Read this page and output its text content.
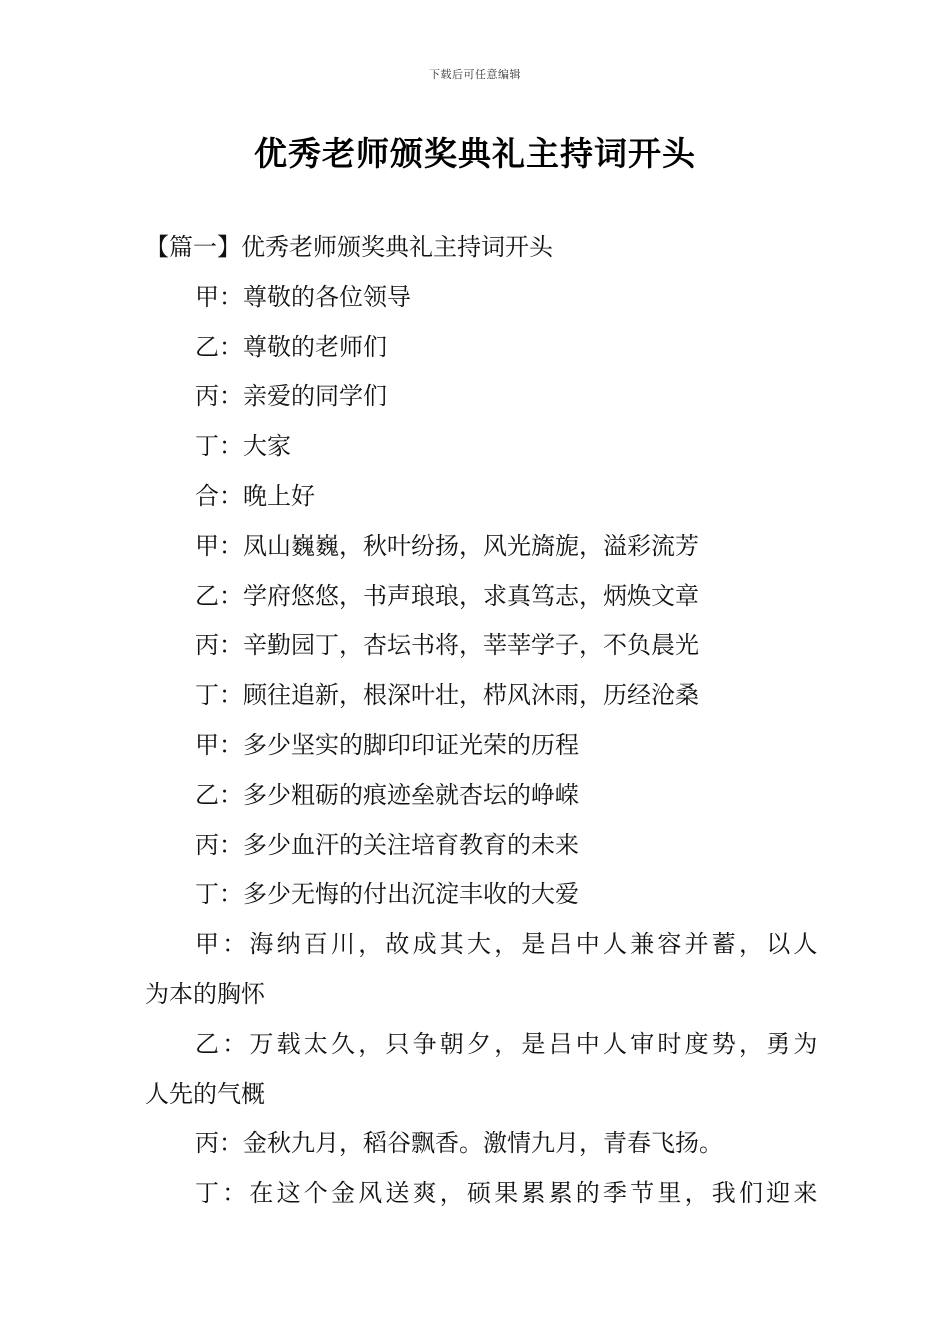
下载后可任意编辑
优秀老师颁奖典礼主持词开头
【篇一】优秀老师颁奖典礼主持词开头
甲：尊敬的各位领导
乙：尊敬的老师们
丙：亲爱的同学们
丁：大家
合：晚上好
甲：凤山巍巍，秋叶纷扬，风光旖旎，溢彩流芳
乙：学府悠悠，书声琅琅，求真笃志，炳焕文章
丙：辛勤园丁，杏坛书将，莘莘学子，不负晨光
丁：顾往追新，根深叶壮，栉风沐雨，历经沧桑
甲：多少坚实的脚印印证光荣的历程
乙：多少粗砺的痕迹垒就杏坛的峥嵘
丙：多少血汗的关注培育教育的未来
丁：多少无悔的付出沉淀丰收的大爱
甲：海纳百川，故成其大，是吕中人兼容并蓄，以人
为本的胸怀
乙：万载太久，只争朝夕，是吕中人审时度势，勇为
人先的气概
丙：金秋九月，稻谷飘香。激情九月，青春飞扬。
丁：在这个金风送爽，硕果累累的季节里，我们迎来
